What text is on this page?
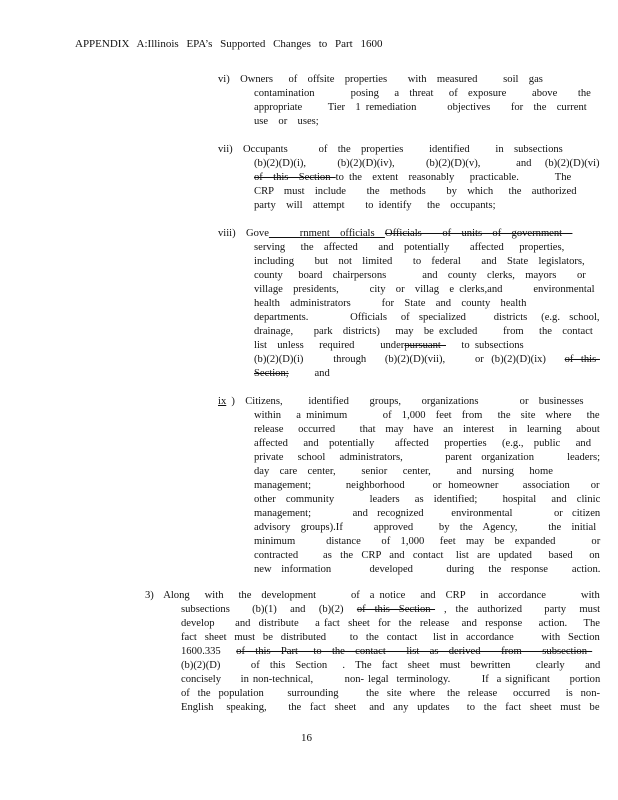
APPENDIX A:Illinois EPA’s Supported Changes to Part 1600
vi)  Owners   of  offsite  properties    with  measured     soil  gas
contamination       posing   a  threat   of  exposure     above    the
appropriate     Tier  1 remediation      objectives    for  the  current
use  or  uses;
vii)  Occupants      of  the  properties     identified     in  subsections
(b)(2)(D)(i),       (b)(2)(D)(iv),       (b)(2)(D)(v),        and   (b)(2)(D)(vi)
of  this  Section to the  extent  reasonably   practicable.       The
CRP  must  include    the  methods    by  which   the  authorized
party  will  attempt    to identify   the  occupants;
viii)  Gove      rnment  officials  Officials    of  units  of  government
serving   the  affected    and  potentially    affected   properties,
including    but  not  limited    to  federal    and  State  legislators,
county   board  chairpersons       and  county  clerks,  mayors    or
village  presidents,      city  or  villag  e clerks,and      environmental
health  administrators      for  State  and  county  health
departments.         Officials   of  specialized      districts   (e.g.  school,
drainage,    park  districts)   may  be excluded     from   the  contact
list  unless   required     underpursuant    to subsections
(b)(2)(D)(i)        through     (b)(2)(D)(vii),        or  (b)(2)(D)(ix)     of  this
Section;     and
ix )  Citizens,     identified    groups,    organizations        or  businesses
within   a minimum       of  1,000  feet  from   the  site  where   the
release   occurred     that  may  have  an  interest   in  learning   about
affected   and  potentially    affected   properties   (e.g.,  public   and
private   school   administrators,         parent  organization       leaders;
day  care  center,     senior   center,     and  nursing   home
management;          neighborhood        or  homeowner       association      or
other  community       leaders   as  identified;     hospital   and  clinic
management;         and  recognized      environmental         or  citizen
advisory  groups).If      approved     by  the  Agency,      the  initial
minimum      distance    of  1,000   feet  may  be  expanded       or
contracted      as  the  CRP  and  contact   list  are  updated    based    on
new  information        developed       during   the  response     action.
3)  Along   with   the  development       of  a notice   and  CRP   in  accordance       with
subsections     (b)(1)   and   (b)(2)   of  this  Section   ,  the  authorized     party   must
develop     and  distribute    a fact  sheet  for  the  release   and  response    action.    The
fact  sheet  must  be  distributed      to  the  contact    list in  accordance       with  Section
1600.335   of  this  Part   to  the  contact    list  as  derived    from    subsection
(b)(2)(D)      of  this  Section   .  The  fact  sheet  must  bewritten     clearly    and
concisely     in non-technical,        non- legal  terminology.        If  a significant     portion
of  the  population      surrounding       the  site  where   the  release    occurred    is  non-
English   speaking,     the  fact  sheet   and  any  updates    to  the  fact  sheet  must  be
16
